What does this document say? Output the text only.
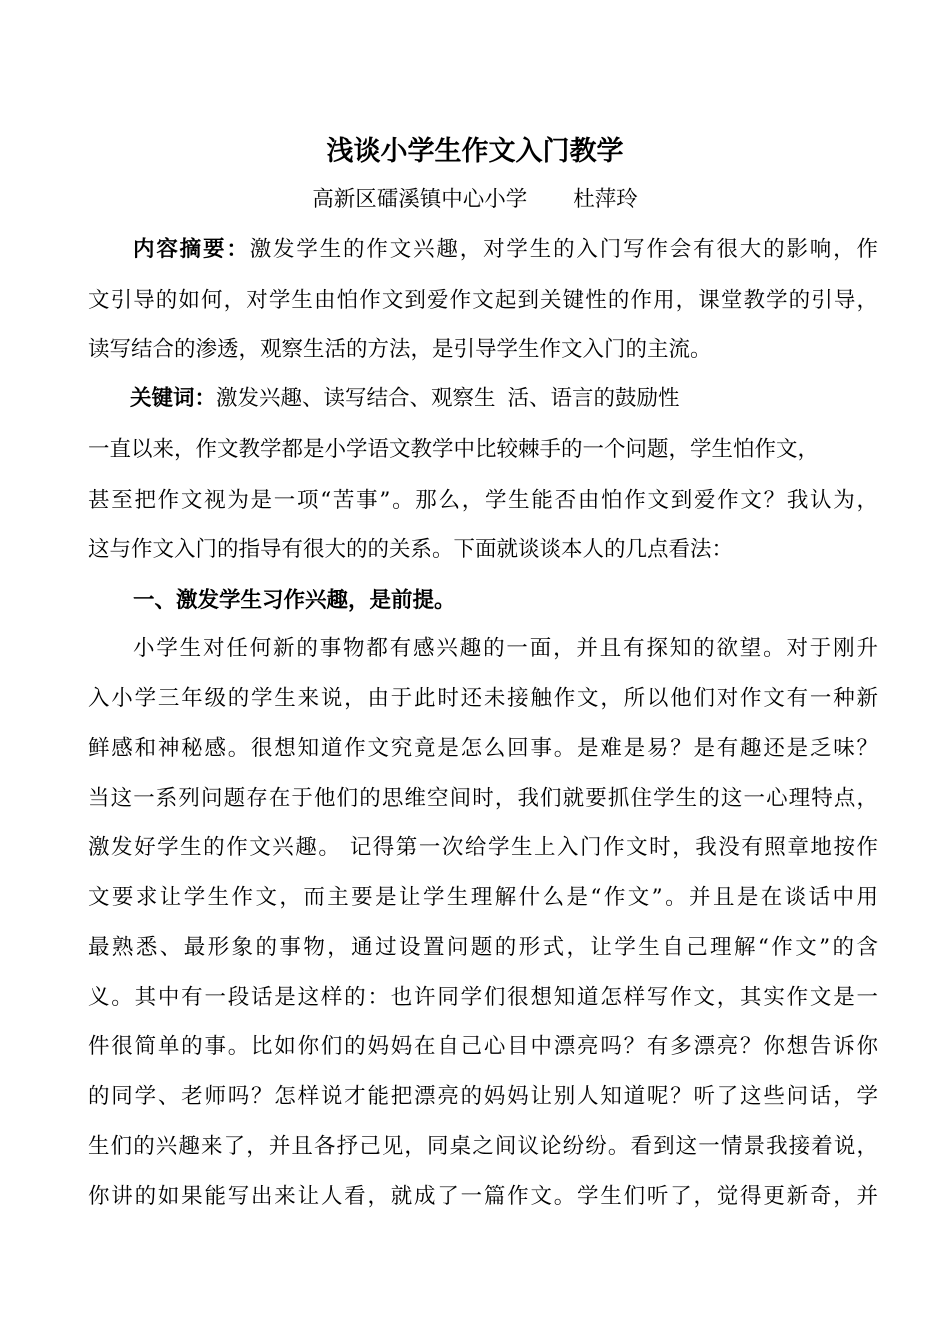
浅谈小学生作文入门教学
高新区礌溪镇中心小学 杜萍玲

内容摘要：激发学生的作文兴趣，对学生的入门写作会有很大的影响，作

文引导的如何，对学生由怕作文到爱作文起到关键性的作用，课堂教学的引导，

读写结合的渗透，观察生活的方法，是引导学生作文入门的主流。

关键词：激发兴趣、读写结合、观察生 活、语言的鼓励性

一直以来，作文教学都是小学语文教学中比较棘手的一个问题，学生怕作文，

甚至把作文视为是一项“苦事”。那么，学生能否由怕作文到爱作文？我认为，

这与作文入门的指导有很大的的关系。下面就谈谈本人的几点看法：

一、激发学生习作兴趣，是前提。

小学生对任何新的事物都有感兴趣的一面，并且有探知的欲望。对于刚升

入小学三年级的学生来说，由于此时还未接触作文，所以他们对作文有一种新

鲜感和神秘感。很想知道作文究竟是怎么回事。是难是易？是有趣还是乏味？

当这一系列问题存在于他们的思维空间时，我们就要抓住学生的这一心理特点，

激发好学生的作文兴趣。 记得第一次给学生上入门作文时，我没有照章地按作

文要求让学生作文，而主要是让学生理解什么是“作文”。并且是在谈话中用

最熟悉、最形象的事物，通过设置问题的形式，让学生自己理解“作文”的含

义。其中有一段话是这样的：也许同学们很想知道怎样写作文，其实作文是一

件很简单的事。比如你们的妈妈在自己心目中漂亮吗？有多漂亮？你想告诉你

的同学、老师吗？怎样说才能把漂亮的妈妈让别人知道呢？听了这些问话，学

生们的兴趣来了，并且各抒己见，同桌之间议论纷纷。看到这一情景我接着说，

你讲的如果能写出来让人看，就成了一篇作文。学生们听了，觉得更新奇，并
